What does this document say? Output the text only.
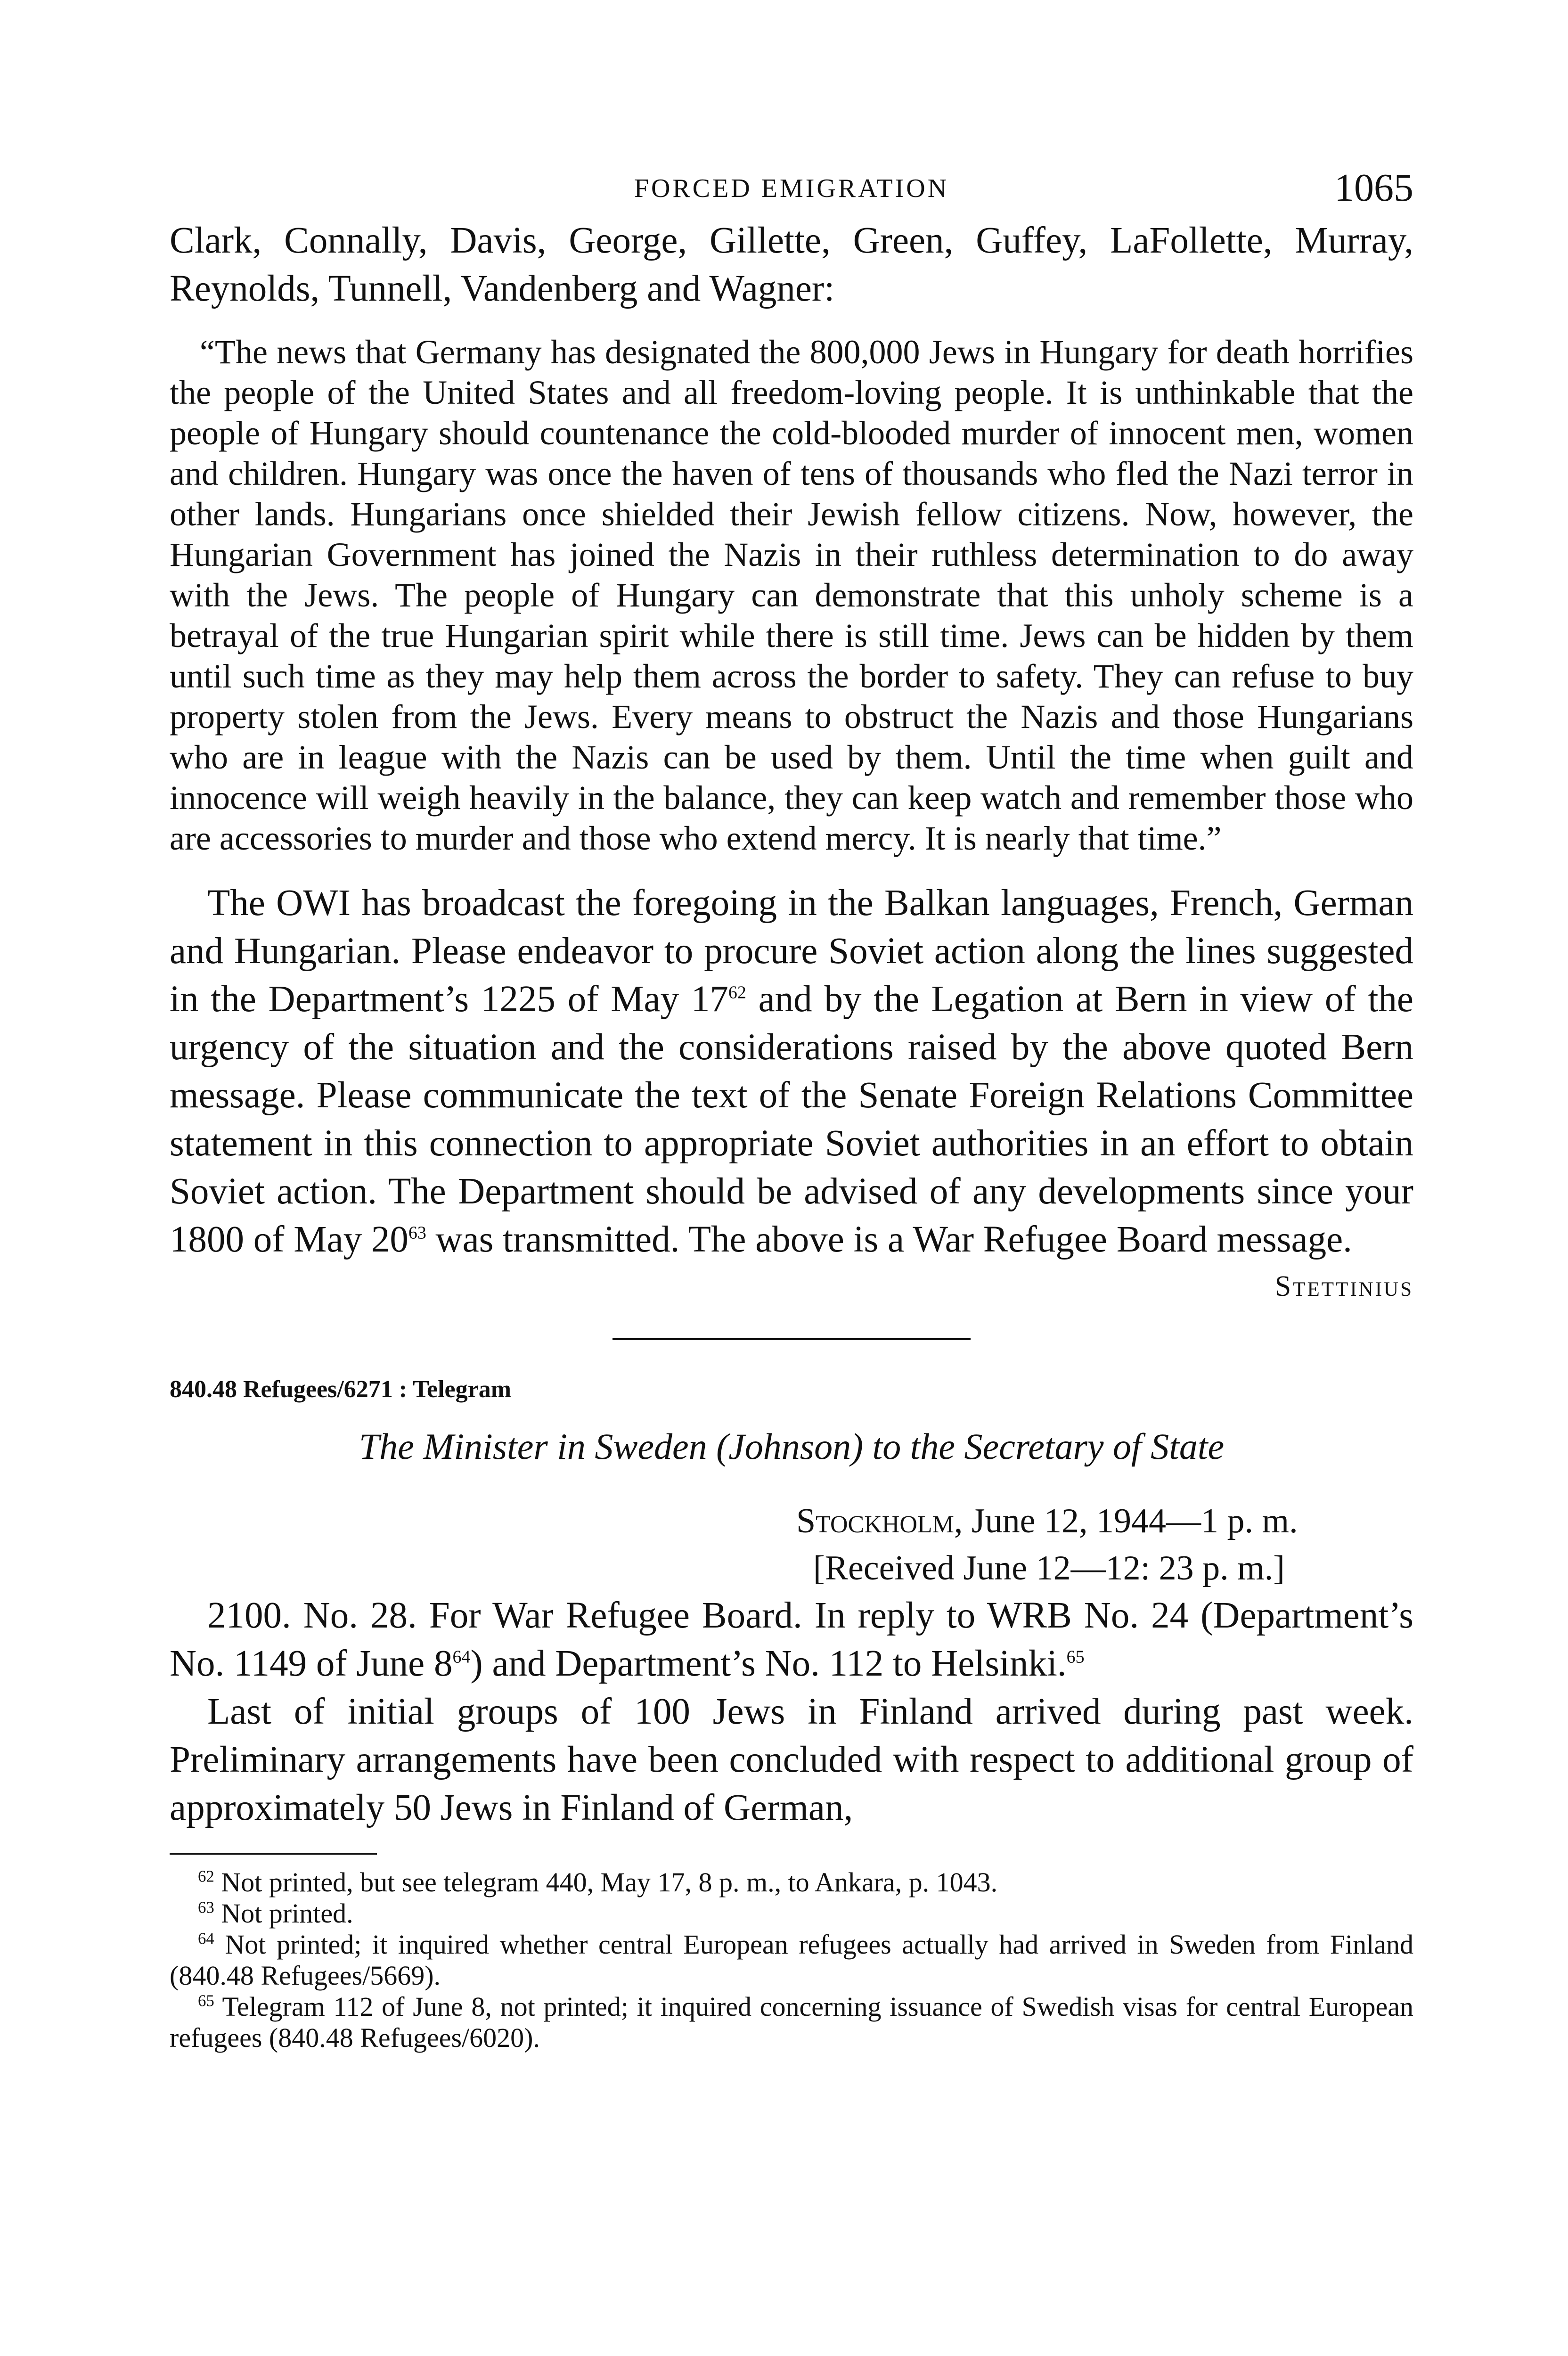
FORCED EMIGRATION	1065

Clark, Connally, Davis, George, Gillette, Green, Guffey, LaFollette, Murray, Reynolds, Tunnell, Vandenberg and Wagner:

“The news that Germany has designated the 800,000 Jews in Hungary for death horrifies the people of the United States and all freedom-loving people. It is unthinkable that the people of Hungary should countenance the cold-blooded murder of innocent men, women and children. Hungary was once the haven of tens of thousands who fled the Nazi terror in other lands. Hungarians once shielded their Jewish fellow citizens. Now, however, the Hungarian Government has joined the Nazis in their ruthless determination to do away with the Jews. The people of Hungary can demonstrate that this unholy scheme is a betrayal of the true Hungarian spirit while there is still time. Jews can be hidden by them until such time as they may help them across the border to safety. They can refuse to buy property stolen from the Jews. Every means to obstruct the Nazis and those Hungarians who are in league with the Nazis can be used by them. Until the time when guilt and innocence will weigh heavily in the balance, they can keep watch and remember those who are accessories to murder and those who extend mercy. It is nearly that time.”

The OWI has broadcast the foregoing in the Balkan languages, French, German and Hungarian. Please endeavor to procure Soviet action along the lines suggested in the Department’s 1225 of May $17^{62}$ and by the Legation at Bern in view of the urgency of the situation and the considerations raised by the above quoted Bern message. Please communicate the text of the Senate Foreign Relations Committee statement in this connection to appropriate Soviet authorities in an effort to obtain Soviet action. The Department should be advised of any developments since your 1800 of May $20^{63}$ was transmitted. The above is a War Refugee Board message.

Stettinius
840.48 Refugees/6271 : Telegram
The Minister in Sweden (Johnson) to the Secretary of State
Stockholm, June 12, 1944—1 p. m.
[Received June 12—12: 23 p. m.]

2100. No. 28. For War Refugee Board. In reply to WRB No. 24 (Department’s No. 1149 of June $8^{64}$) and Department’s No. 112 to Helsinki.$^{65}$

Last of initial groups of 100 Jews in Finland arrived during past week. Preliminary arrangements have been concluded with respect to additional group of approximately 50 Jews in Finland of German,

$^{62}$ Not printed, but see telegram 440, May 17, 8 p. m., to Ankara, p. 1043.

$^{63}$ Not printed.

$^{64}$ Not printed; it inquired whether central European refugees actually had arrived in Sweden from Finland (840.48 Refugees/5669).

$^{65}$ Telegram 112 of June 8, not printed; it inquired concerning issuance of Swedish visas for central European refugees (840.48 Refugees/6020).
